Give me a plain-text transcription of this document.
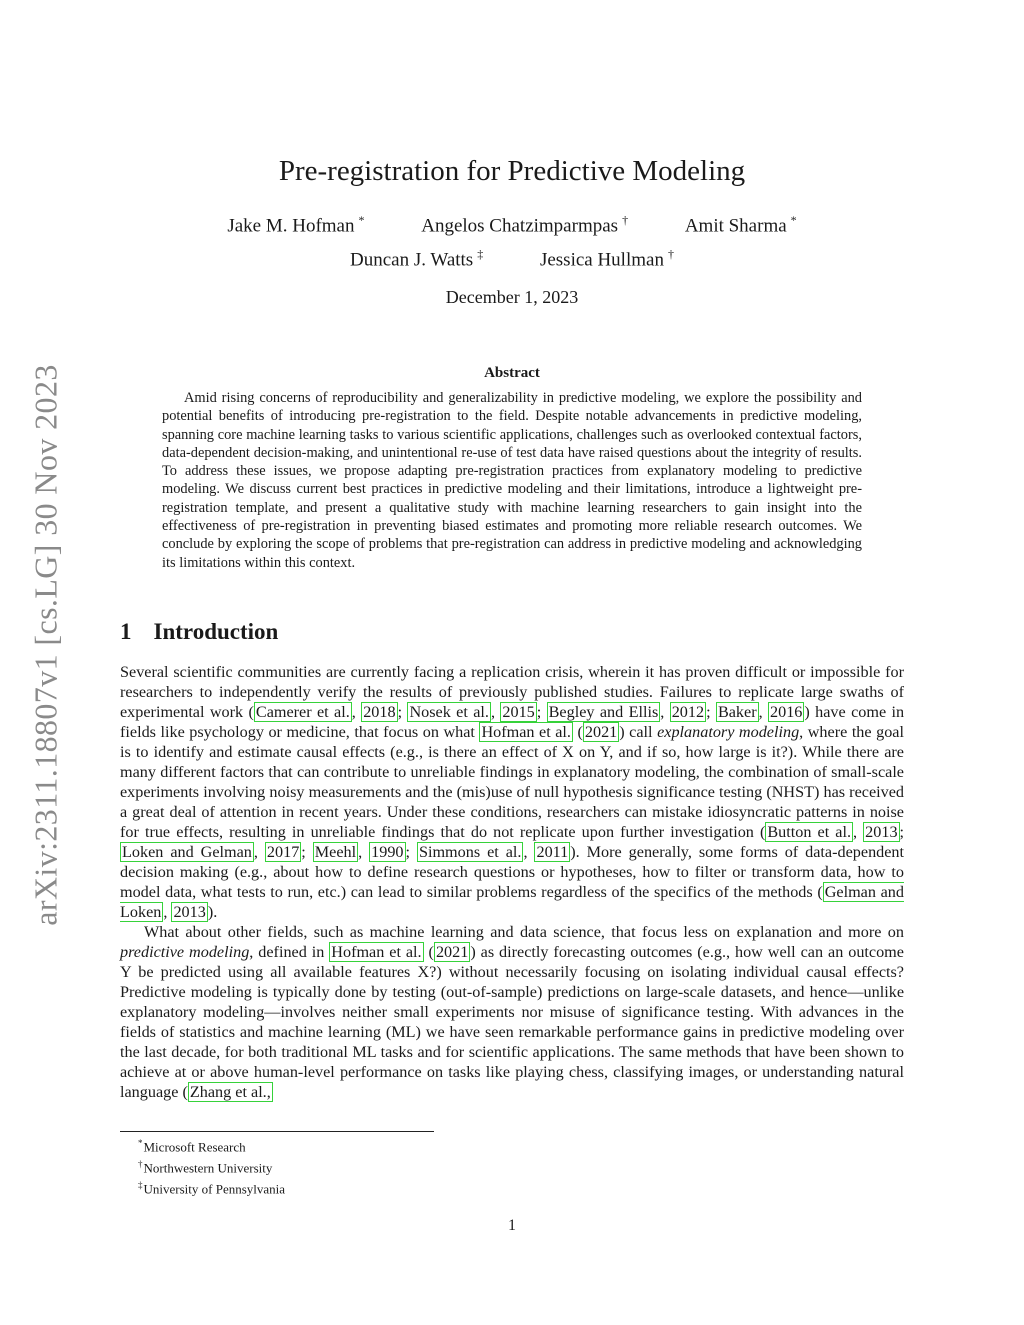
arXiv:2311.18807v1 [cs.LG] 30 Nov 2023
Pre-registration for Predictive Modeling
Jake M. Hofman *	Angelos Chatzimparmpas †	Amit Sharma *
Duncan J. Watts ‡	Jessica Hullman †
December 1, 2023
Abstract

Amid rising concerns of reproducibility and generalizability in predictive modeling, we explore the possibility and potential benefits of introducing pre-registration to the field. Despite notable advancements in predictive modeling, spanning core machine learning tasks to various scientific applications, challenges such as overlooked contextual factors, data-dependent decision-making, and unintentional re-use of test data have raised questions about the integrity of results. To address these issues, we propose adapting pre-registration practices from explanatory modeling to predictive modeling. We discuss current best practices in predictive modeling and their limitations, introduce a lightweight pre-registration template, and present a qualitative study with machine learning researchers to gain insight into the effectiveness of pre-registration in preventing biased estimates and promoting more reliable research outcomes. We conclude by exploring the scope of problems that pre-registration can address in predictive modeling and acknowledging its limitations within this context.

1 Introduction

Several scientific communities are currently facing a replication crisis, wherein it has proven difficult or impossible for researchers to independently verify the results of previously published studies. Failures to replicate large swaths of experimental work ( Camerer et al. , 2018 ; Nosek et al. , 2015 ; Begley and Ellis , 2012 ; Baker , 2016 ) have come in fields like psychology or medicine, that focus on what Hofman et al. ( 2021 ) call explanatory modeling, where the goal is to identify and estimate causal effects (e.g., is there an effect of X on Y, and if so, how large is it?). While there are many different factors that can contribute to unreliable findings in explanatory modeling, the combination of small-scale experiments involving noisy measurements and the (mis)use of null hypothesis significance testing (NHST) has received a great deal of attention in recent years. Under these conditions, researchers can mistake idiosyncratic patterns in noise for true effects, resulting in unreliable findings that do not replicate upon further investigation ( Button et al. , 2013 ; Loken and Gelman , 2017 ; Meehl , 1990 ; Simmons et al. , 2011 ). More generally, some forms of data-dependent decision making (e.g., about how to define research questions or hypotheses, how to filter or transform data, how to model data, what tests to run, etc.) can lead to similar problems regardless of the specifics of the methods ( Gelman and Loken , 2013 ).

What about other fields, such as machine learning and data science, that focus less on explanation and more on predictive modeling, defined in Hofman et al. ( 2021 ) as directly forecasting outcomes (e.g., how well can an outcome Y be predicted using all available features X?) without necessarily focusing on isolating individual causal effects? Predictive modeling is typically done by testing (out-of-sample) predictions on large-scale datasets, and hence—unlike explanatory modeling—involves neither small experiments nor misuse of significance testing. With advances in the fields of statistics and machine learning (ML) we have seen remarkable performance gains in predictive modeling over the last decade, for both traditional ML tasks and for scientific applications. The same methods that have been shown to achieve at or above human-level performance on tasks like playing chess, classifying images, or understanding natural language ( Zhang et al.,

*Microsoft Research
†Northwestern University
‡University of Pennsylvania
1
